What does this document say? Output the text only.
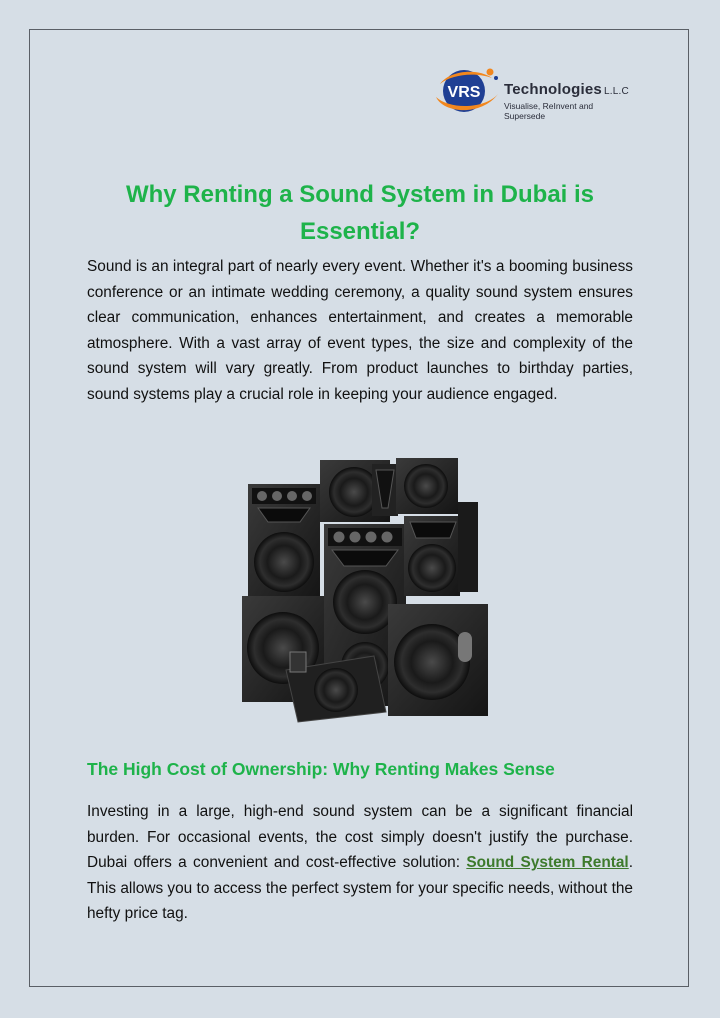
VRS Technologies L.L.C
Visualise, ReInvent and Supersede
Why Renting a Sound System in Dubai is Essential?

Sound is an integral part of nearly every event. Whether it's a booming business conference or an intimate wedding ceremony, a quality sound system ensures clear communication, enhances entertainment, and creates a memorable atmosphere. With a vast array of event types, the size and complexity of the sound system will vary greatly. From product launches to birthday parties, sound systems play a crucial role in keeping your audience engaged.

The High Cost of Ownership: Why Renting Makes Sense

Investing in a large, high-end sound system can be a significant financial burden. For occasional events, the cost simply doesn't justify the purchase. Dubai offers a convenient and cost-effective solution: Sound System Rental. This allows you to access the perfect system for your specific needs, without the hefty price tag.
